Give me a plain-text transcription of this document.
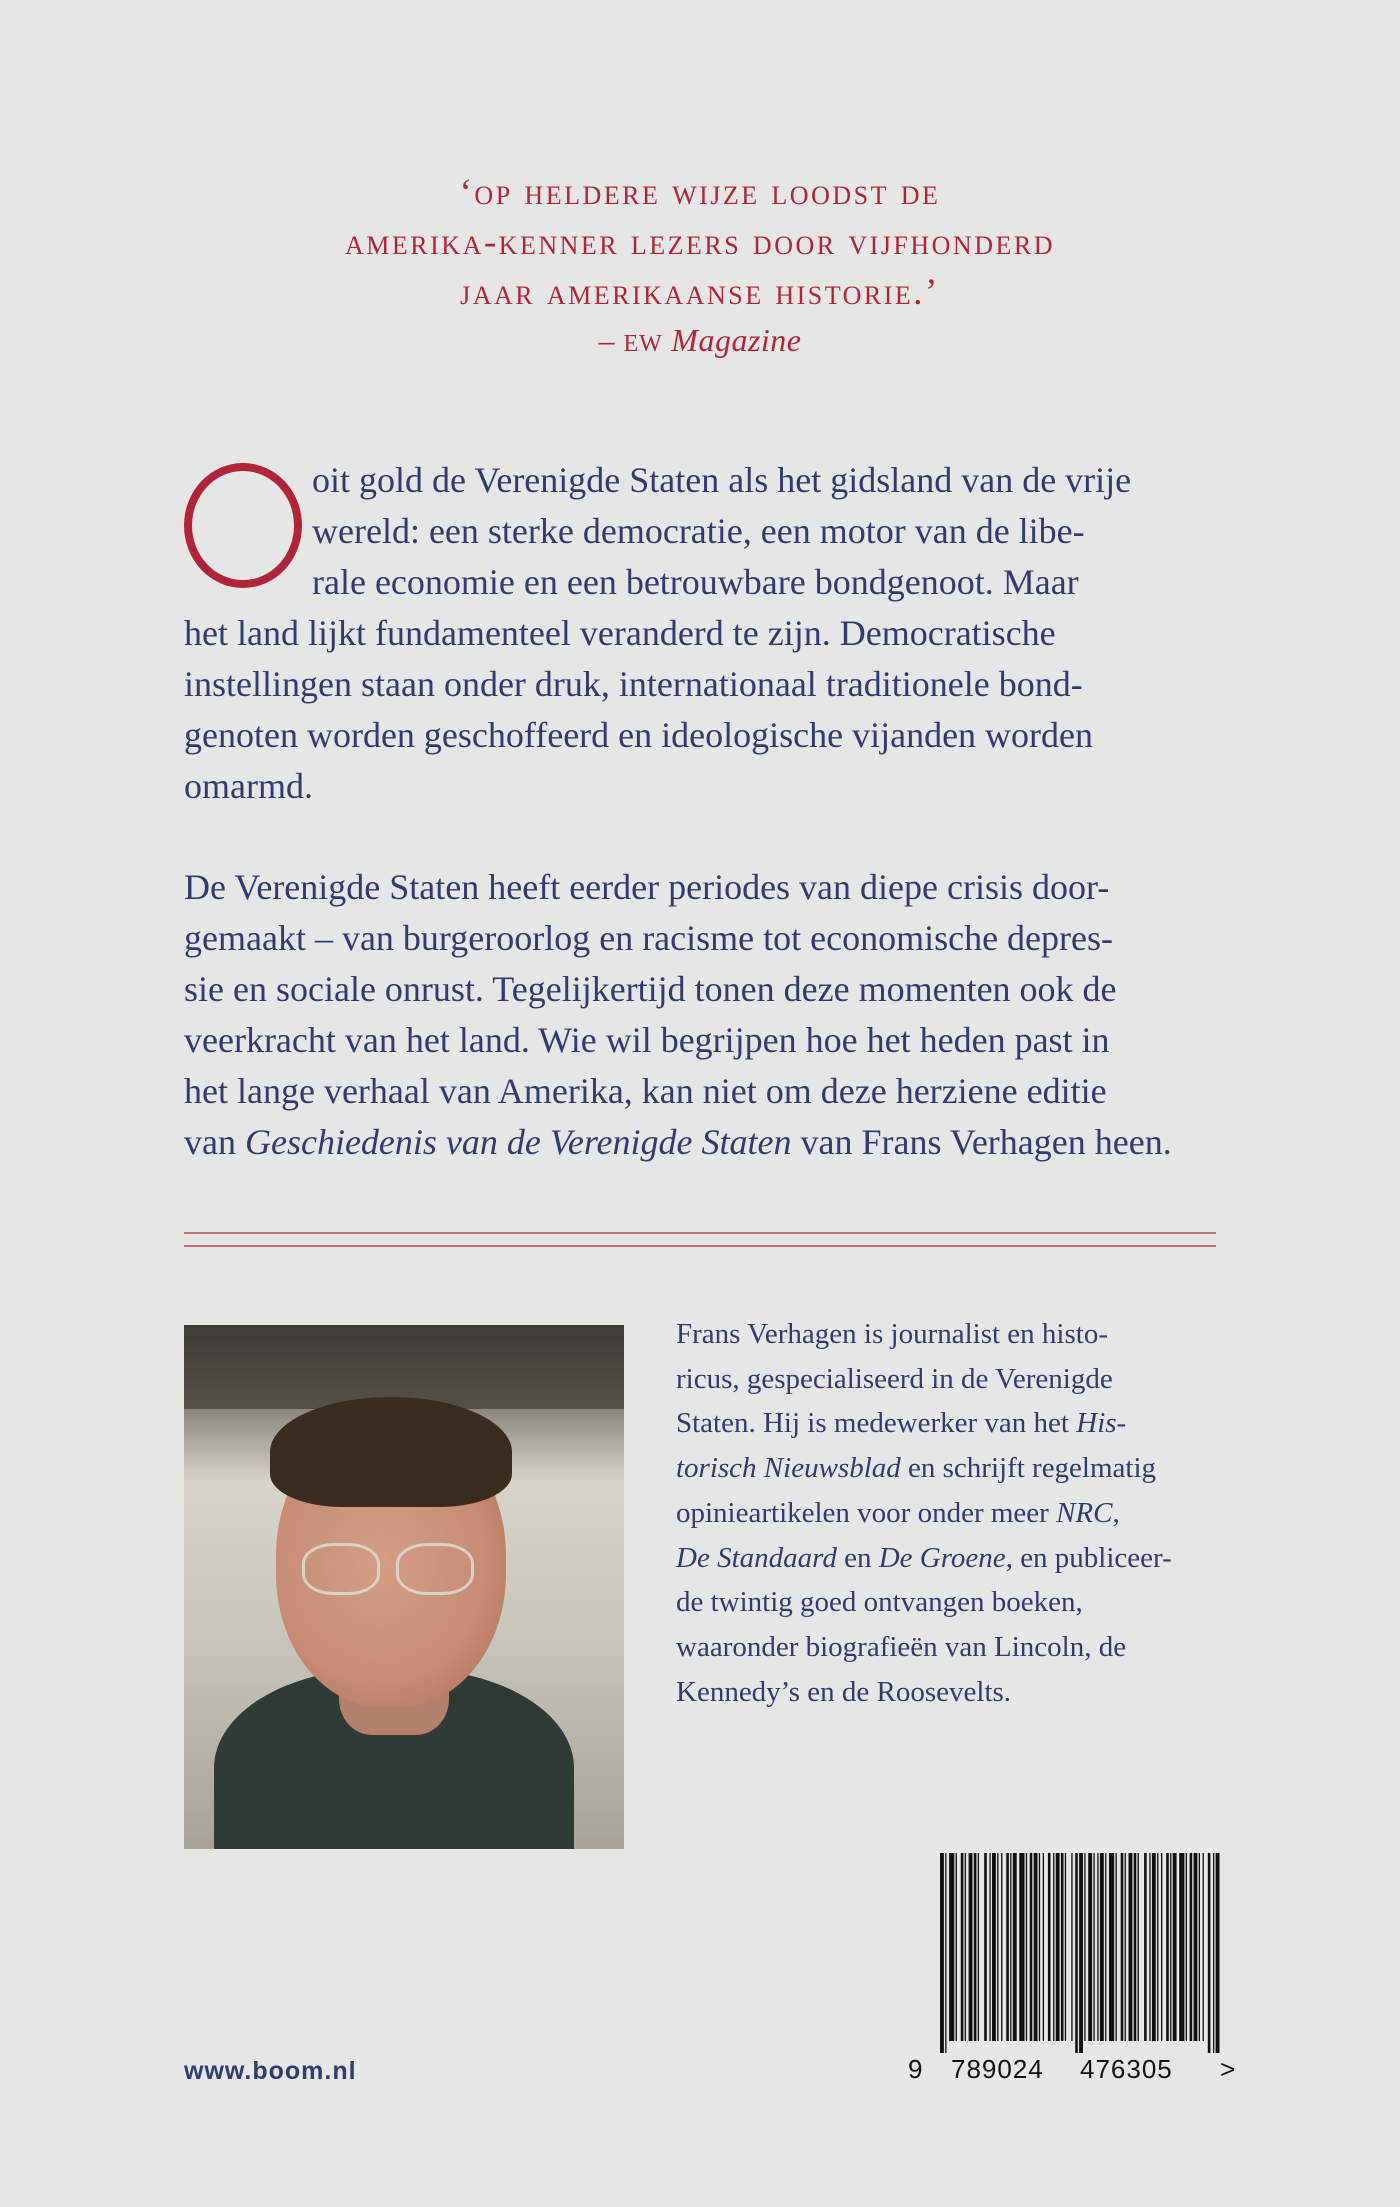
‘op heldere wijze loodst de
amerika-kenner lezers door vijfhonderd
jaar amerikaanse historie.’
– EW Magazine
oit gold de Verenigde Staten als het gidsland van de vrije
wereld: een sterke democratie, een motor van de libe-
rale economie en een betrouwbare bondgenoot. Maar
het land lijkt fundamenteel veranderd te zijn. Democratische
instellingen staan onder druk, internationaal traditionele bond-
genoten worden geschoffeerd en ideologische vijanden worden
omarmd.
De Verenigde Staten heeft eerder periodes van diepe crisis door-
gemaakt – van burgeroorlog en racisme tot economische depres-
sie en sociale onrust. Tegelijkertijd tonen deze momenten ook de
veerkracht van het land. Wie wil begrijpen hoe het heden past in
het lange verhaal van Amerika, kan niet om deze herziene editie
van Geschiedenis van de Verenigde Staten van Frans Verhagen heen.
Frans Verhagen is journalist en histo-
ricus, gespecialiseerd in de Verenigde
Staten. Hij is medewerker van het His-
torisch Nieuwsblad en schrijft regelmatig
opinieartikelen voor onder meer NRC,
De Standaard en De Groene, en publiceer-
de twintig goed ontvangen boeken,
waaronder biografieën van Lincoln, de
Kennedy’s en de Roosevelts.
www.boom.nl	9 789024 476305 >
